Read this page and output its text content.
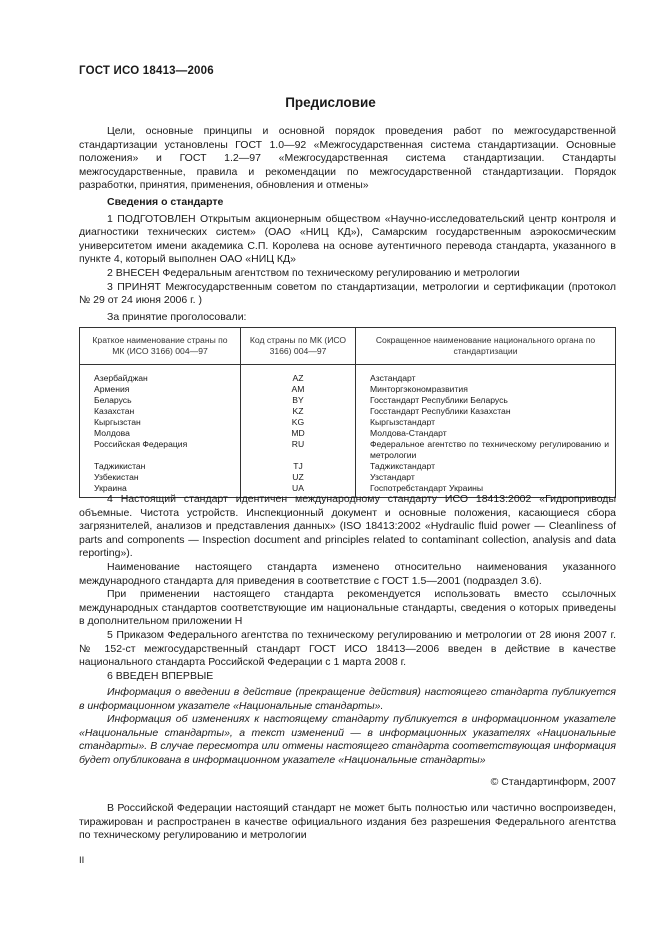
ГОСТ ИСО 18413—2006
Предисловие

Цели, основные принципы и основной порядок проведения работ по межгосударственной стандартизации установлены ГОСТ 1.0—92 «Межгосударственная система стандартизации. Основные положения» и ГОСТ 1.2—97 «Межгосударственная система стандартизации. Стандарты межгосударственные, правила и рекомендации по межгосударственной стандартизации. Порядок разработки, принятия, применения, обновления и отмены»

Сведения о стандарте

1 ПОДГОТОВЛЕН Открытым акционерным обществом «Научно-исследовательский центр контроля и диагностики технических систем» (ОАО «НИЦ КД»), Самарским государственным аэрокосмическим университетом имени академика С.П. Королева на основе аутентичного перевода стандарта, указанного в пункте 4, который выполнен ОАО «НИЦ КД»

2 ВНЕСЕН Федеральным агентством по техническому регулированию и метрологии

3 ПРИНЯТ Межгосударственным советом по стандартизации, метрологии и сертификации (протокол № 29 от 24 июня 2006 г. )

За принятие проголосовали:

Краткое наименование страны по МК (ИСО 3166) 004—97	Код страны по МК (ИСО 3166) 004—97	Сокращенное наименование национального органа по стандартизации
Азербайджан	AZ	Азстандарт
Армения	AM	Минторгэкономразвития
Беларусь	BY	Госстандарт Республики Беларусь
Казахстан	KZ	Госстандарт Республики Казахстан
Кыргызстан	KG	Кыргызстандарт
Молдова	MD	Молдова-Стандарт
Российская Федерация	RU	Федеральное агентство по техническому регулированию и метрологии
Таджикистан	TJ	Таджикстандарт
Узбекистан	UZ	Узстандарт
Украина	UA	Госпотребстандарт Украины

4 Настоящий стандарт идентичен международному стандарту ИСО 18413:2002 «Гидроприводы объемные. Чистота устройств. Инспекционный документ и основные положения, касающиеся сбора загрязнителей, анализов и представления данных» (ISO 18413:2002 «Hydraulic fluid power — Cleanliness of parts and components — Inspection document and principles related to contaminant collection, analysis and data reporting»).

Наименование настоящего стандарта изменено относительно наименования указанного международного стандарта для приведения в соответствие с ГОСТ 1.5—2001 (подраздел 3.6).

При применении настоящего стандарта рекомендуется использовать вместо ссылочных международных стандартов соответствующие им национальные стандарты, сведения о которых приведены в дополнительном приложении Н

5 Приказом Федерального агентства по техническому регулированию и метрологии от 28 июня 2007 г. № 152-ст межгосударственный стандарт ГОСТ ИСО 18413—2006 введен в действие в качестве национального стандарта Российской Федерации с 1 марта 2008 г.

6 ВВЕДЕН ВПЕРВЫЕ

Информация о введении в действие (прекращение действия) настоящего стандарта публикуется в информационном указателе «Национальные стандарты».

Информация об изменениях к настоящему стандарту публикуется в информационном указателе «Национальные стандарты», а текст изменений — в информационных указателях «Национальные стандарты». В случае пересмотра или отмены настоящего стандарта соответствующая информация будет опубликована в информационном указателе «Национальные стандарты»

© Стандартинформ, 2007

В Российской Федерации настоящий стандарт не может быть полностью или частично воспроизведен, тиражирован и распространен в качестве официального издания без разрешения Федерального агентства по техническому регулированию и метрологии

II
